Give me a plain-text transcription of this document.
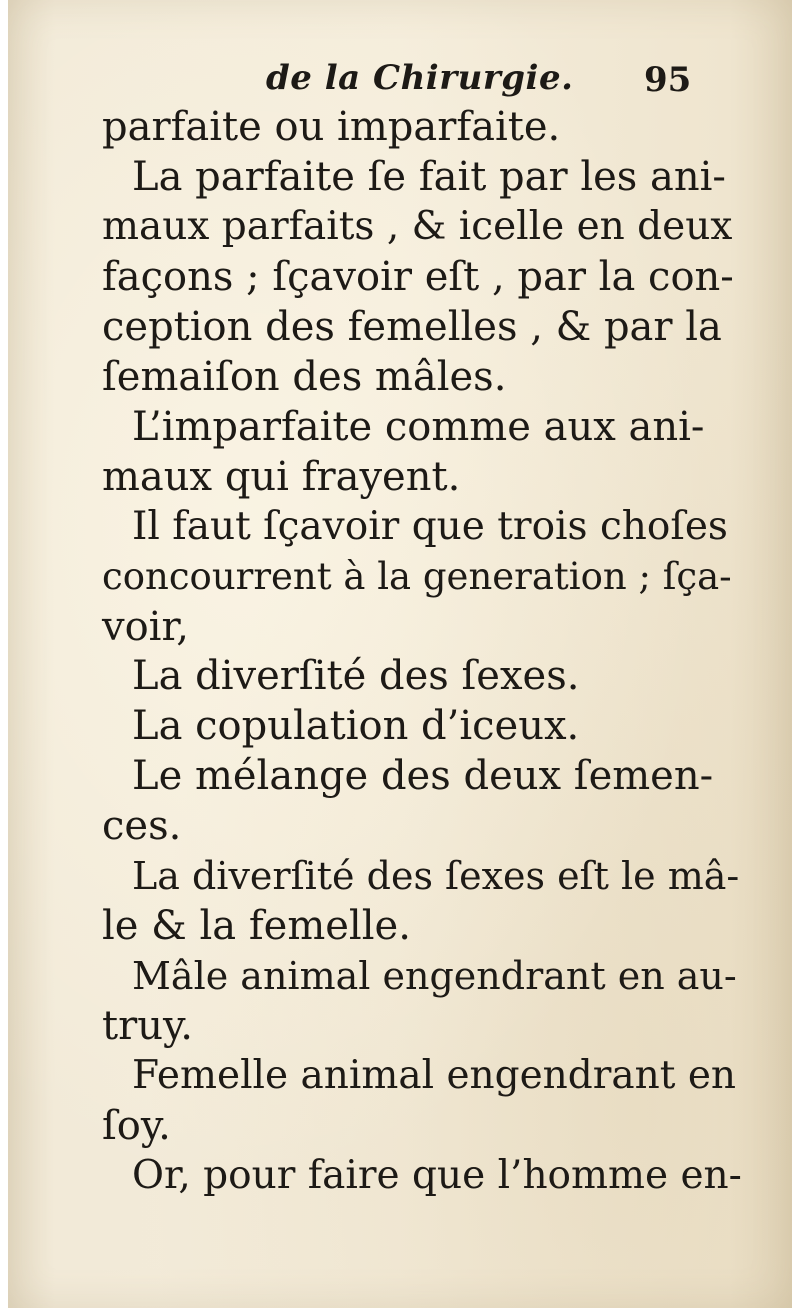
de la Chirurgie. 95
parfaite ou imparfaite.
La parfaite ſe fait par les ani-
maux parfaits , & icelle en deux
façons ; ſçavoir eſt , par la con-
ception des femelles , & par la
ſemaiſon des mâles.
L’imparfaite comme aux ani-
maux qui frayent.
Il faut ſçavoir que trois choſes
concourrent à la generation ; ſça-
voir,
La diverſité des ſexes.
La copulation d’iceux.
Le mélange des deux ſemen-
ces.
La diverſité des ſexes eſt le mâ-
le & la femelle.
Mâle animal engendrant en au-
truy.
Femelle animal engendrant en
ſoy.
Or, pour faire que l’homme en-
